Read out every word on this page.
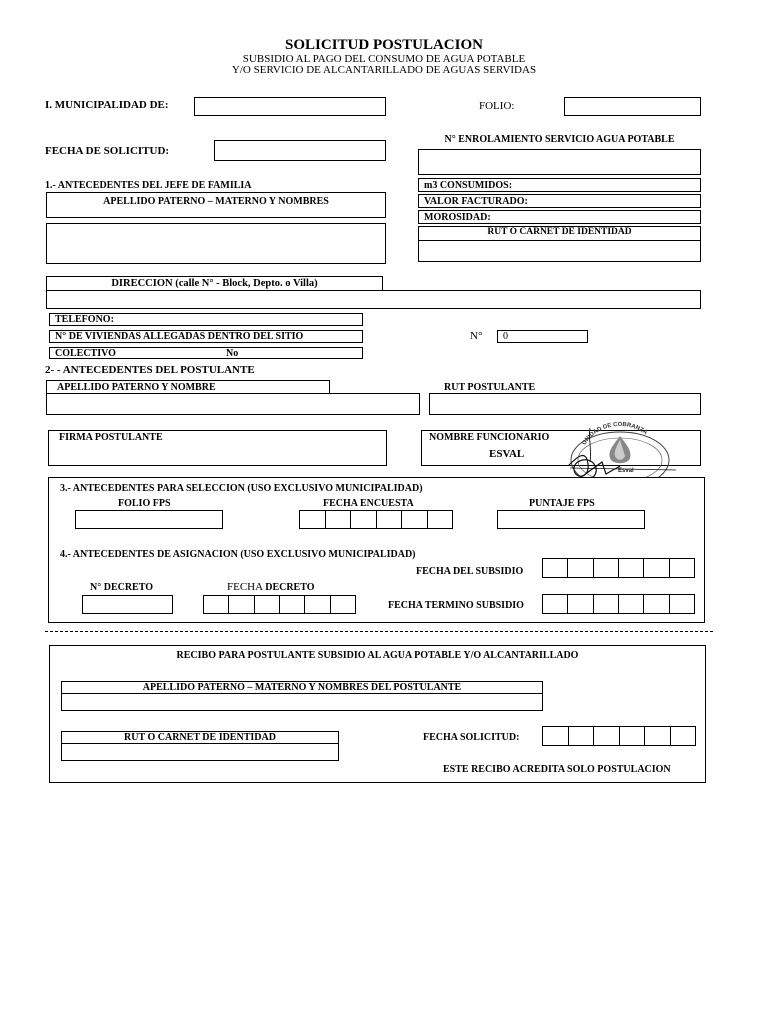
SOLICITUD POSTULACION
SUBSIDIO AL PAGO DEL CONSUMO DE AGUA POTABLE
Y/O SERVICIO DE ALCANTARILLADO DE AGUAS SERVIDAS
I. MUNICIPALIDAD DE:	FOLIO:
FECHA DE SOLICITUD:
N° ENROLAMIENTO SERVICIO AGUA POTABLE
1.- ANTECEDENTES DEL JEFE DE FAMILIA
APELLIDO PATERNO – MATERNO Y NOMBRES
m3 CONSUMIDOS:
VALOR FACTURADO:
MOROSIDAD:
RUT O CARNET DE IDENTIDAD
DIRECCION (calle N° - Block, Depto. o Villa)
TELEFONO:
N° DE VIVIENDAS ALLEGADAS DENTRO DEL SITIO	N° 0
COLECTIVO	No
2- - ANTECEDENTES DEL POSTULANTE
APELLIDO PATERNO Y NOMBRE	RUT POSTULANTE
FIRMA POSTULANTE	NOMBRE FUNCIONARIO
ESVAL
UNIDAD DE COBRANZA
Esval
3.- ANTECEDENTES PARA SELECCION (USO EXCLUSIVO MUNICIPALIDAD)
FOLIO FPS	FECHA ENCUESTA	PUNTAJE FPS
4.- ANTECEDENTES DE ASIGNACION (USO EXCLUSIVO MUNICIPALIDAD)
FECHA DEL SUBSIDIO
N° DECRETO	FECHA DECRETO
FECHA TERMINO SUBSIDIO
RECIBO PARA POSTULANTE SUBSIDIO AL AGUA POTABLE Y/O ALCANTARILLADO
APELLIDO PATERNO – MATERNO Y NOMBRES DEL POSTULANTE
RUT O CARNET DE IDENTIDAD	FECHA SOLICITUD:
ESTE RECIBO ACREDITA SOLO POSTULACION
